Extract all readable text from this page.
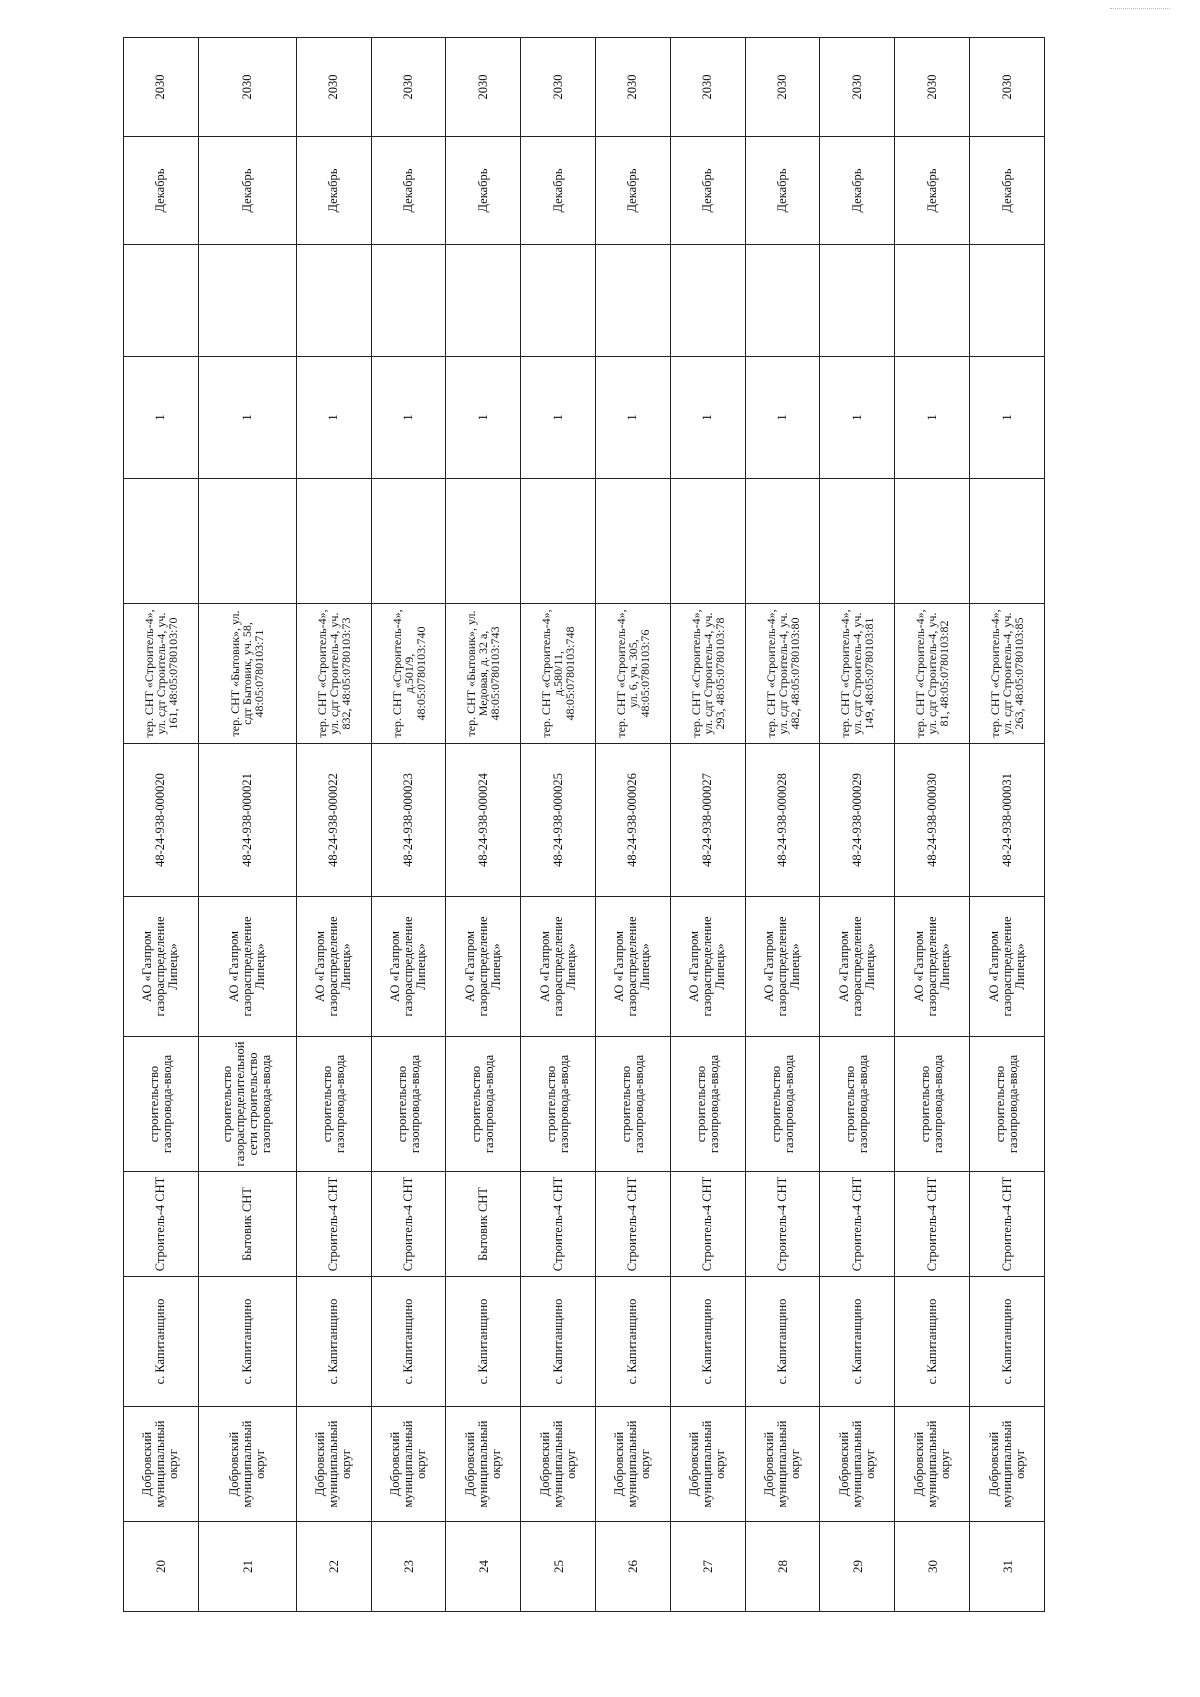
20	Добровский муниципальный округ	с. Капитанщино	Строитель-4 СНТ	строительство газопровода-ввода	АО «Газпром газораспределение Липецк»	48-24-938-000020	тер. СНТ «Строитель-4», ул. сдт Строитель-4, уч. 161, 48:05:0780103:70		1		Декабрь	2030
21	Добровский муниципальный округ	с. Капитанщино	Бытовик СНТ	строительство газораспределительной сети строительство газопровода-ввода	АО «Газпром газораспределение Липецк»	48-24-938-000021	тер. СНТ «Бытовик», ул. сдт Бытовик, уч. 58, 48:05:0780103:71		1		Декабрь	2030
22	Добровский муниципальный округ	с. Капитанщино	Строитель-4 СНТ	строительство газопровода-ввода	АО «Газпром газораспределение Липецк»	48-24-938-000022	тер. СНТ «Строитель-4», ул. сдт Строитель-4, уч. 832, 48:05:0780103:73		1		Декабрь	2030
23	Добровский муниципальный округ	с. Капитанщино	Строитель-4 СНТ	строительство газопровода-ввода	АО «Газпром газораспределение Липецк»	48-24-938-000023	тер. СНТ «Строитель-4», д.501/9, 48:05:0780103:740		1		Декабрь	2030
24	Добровский муниципальный округ	с. Капитанщино	Бытовик СНТ	строительство газопровода-ввода	АО «Газпром газораспределение Липецк»	48-24-938-000024	тер. СНТ «Бытовик», ул. Медовая, д. 32 а, 48:05:0780103:743		1		Декабрь	2030
25	Добровский муниципальный округ	с. Капитанщино	Строитель-4 СНТ	строительство газопровода-ввода	АО «Газпром газораспределение Липецк»	48-24-938-000025	тер. СНТ «Строитель-4», д.580/11, 48:05:0780103:748		1		Декабрь	2030
26	Добровский муниципальный округ	с. Капитанщино	Строитель-4 СНТ	строительство газопровода-ввода	АО «Газпром газораспределение Липецк»	48-24-938-000026	тер. СНТ «Строитель-4», ул. 6, уч. 305, 48:05:0780103:76		1		Декабрь	2030
27	Добровский муниципальный округ	с. Капитанщино	Строитель-4 СНТ	строительство газопровода-ввода	АО «Газпром газораспределение Липецк»	48-24-938-000027	тер. СНТ «Строитель-4», ул. сдт Строитель-4, уч. 293, 48:05:0780103:78		1		Декабрь	2030
28	Добровский муниципальный округ	с. Капитанщино	Строитель-4 СНТ	строительство газопровода-ввода	АО «Газпром газораспределение Липецк»	48-24-938-000028	тер. СНТ «Строитель-4», ул. сдт Строитель-4, уч. 482, 48:05:0780103:80		1		Декабрь	2030
29	Добровский муниципальный округ	с. Капитанщино	Строитель-4 СНТ	строительство газопровода-ввода	АО «Газпром газораспределение Липецк»	48-24-938-000029	тер. СНТ «Строитель-4», ул. сдт Строитель-4, уч. 149, 48:05:0780103:81		1		Декабрь	2030
30	Добровский муниципальный округ	с. Капитанщино	Строитель-4 СНТ	строительство газопровода-ввода	АО «Газпром газораспределение Липецк»	48-24-938-000030	тер. СНТ «Строитель-4», ул. сдт Строитель-4, уч. 81, 48:05:0780103:82		1		Декабрь	2030
31	Добровский муниципальный округ	с. Капитанщино	Строитель-4 СНТ	строительство газопровода-ввода	АО «Газпром газораспределение Липецк»	48-24-938-000031	тер. СНТ «Строитель-4», ул. сдт Строитель-4, уч. 263, 48:05:0780103:85		1		Декабрь	2030
